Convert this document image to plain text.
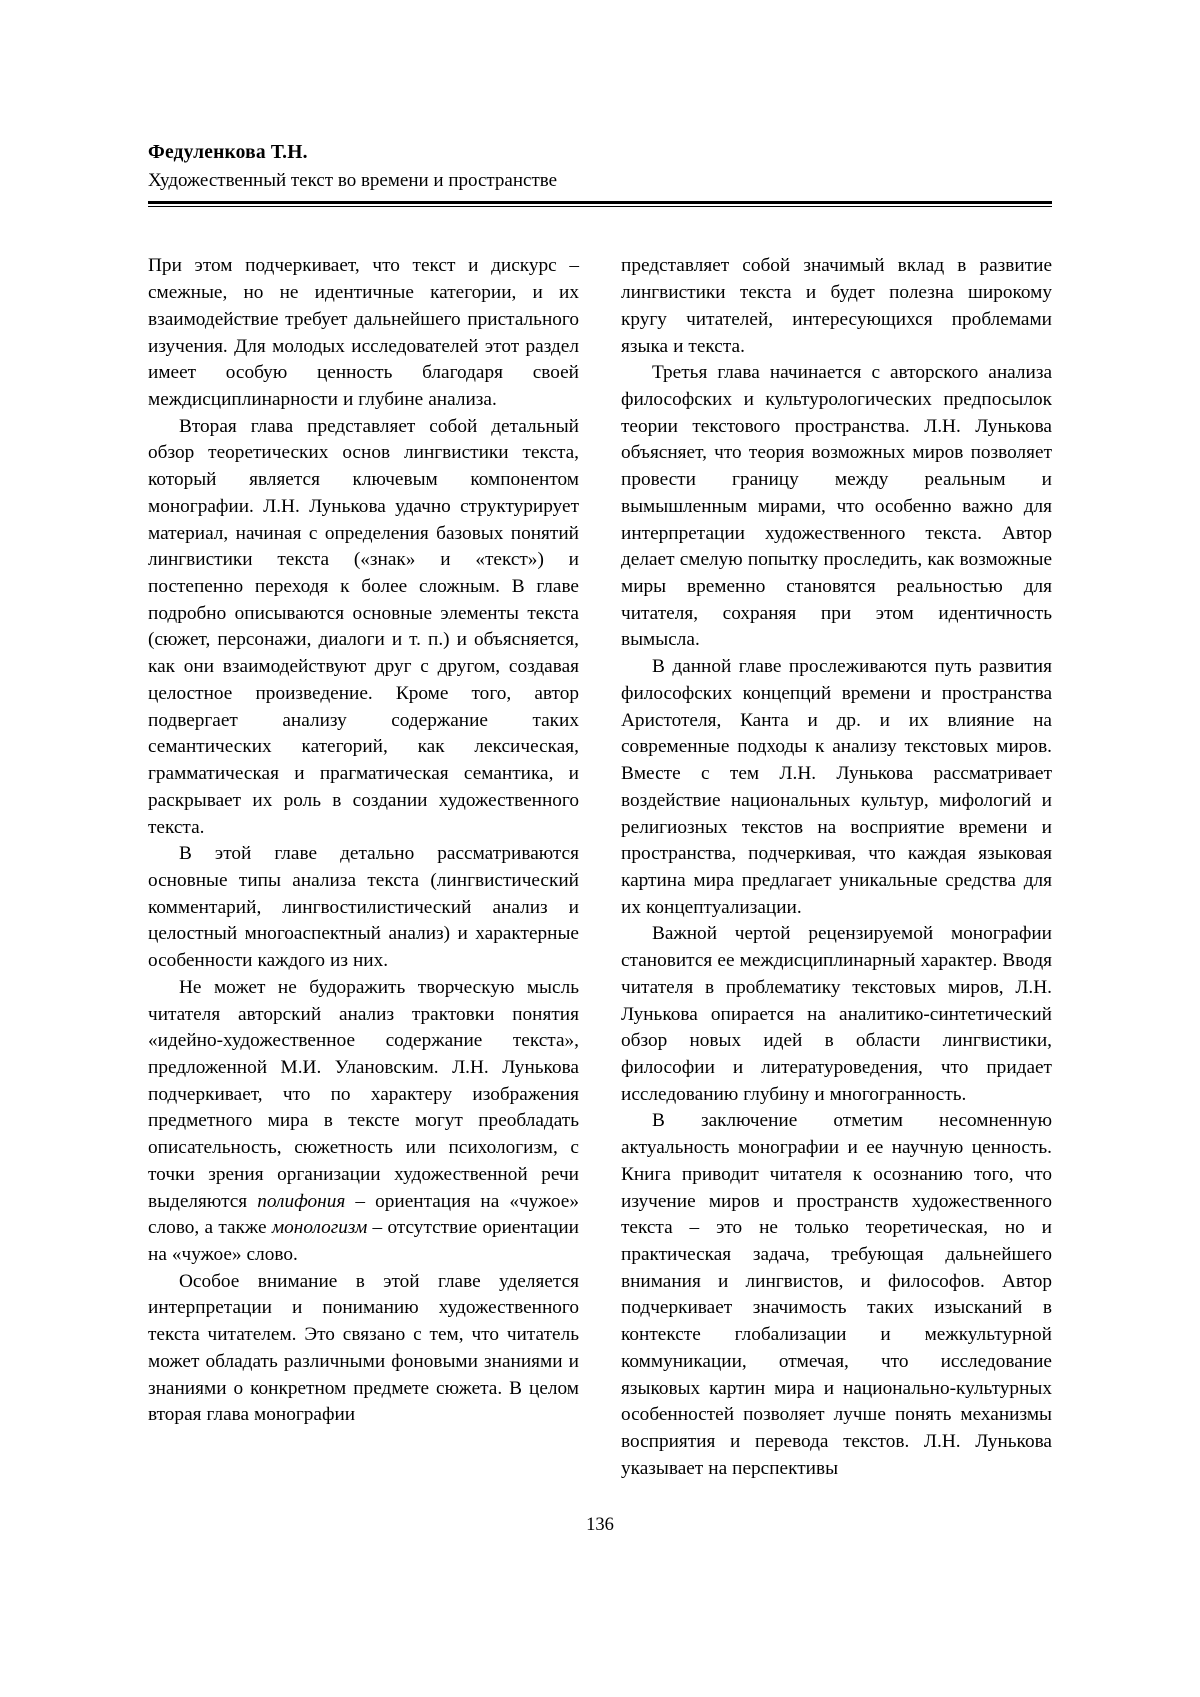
Федуленкова Т.Н.
Художественный текст во времени и пространстве

При этом подчеркивает, что текст и дискурс – смежные, но не идентичные категории, и их взаимодействие требует дальнейшего пристального изучения. Для молодых исследователей этот раздел имеет особую ценность благодаря своей междисциплинарности и глубине анализа.

Вторая глава представляет собой детальный обзор теоретических основ лингвистики текста, который является ключевым компонентом монографии. Л.Н. Лунькова удачно структурирует материал, начиная с определения базовых понятий лингвистики текста («знак» и «текст») и постепенно переходя к более сложным. В главе подробно описываются основные элементы текста (сюжет, персонажи, диалоги и т. п.) и объясняется, как они взаимодействуют друг с другом, создавая целостное произведение. Кроме того, автор подвергает анализу содержание таких семантических категорий, как лексическая, грамматическая и прагматическая семантика, и раскрывает их роль в создании художественного текста.

В этой главе детально рассматриваются основные типы анализа текста (лингвистический комментарий, лингвостилистический анализ и целостный многоаспектный анализ) и характерные особенности каждого из них.

Не может не будоражить творческую мысль читателя авторский анализ трактовки понятия «идейно-художественное содержание текста», предложенной М.И. Улановским. Л.Н. Лунькова подчеркивает, что по характеру изображения предметного мира в тексте могут преобладать описательность, сюжетность или психологизм, с точки зрения организации художественной речи выделяются полифония – ориентация на «чужое» слово, а также монологизм – отсутствие ориентации на «чужое» слово.

Особое внимание в этой главе уделяется интерпретации и пониманию художественного текста читателем. Это связано с тем, что читатель может обладать различными фоновыми знаниями и знаниями о конкретном предмете сюжета. В целом вторая глава монографии

представляет собой значимый вклад в развитие лингвистики текста и будет полезна широкому кругу читателей, интересующихся проблемами языка и текста.

Третья глава начинается с авторского анализа философских и культурологических предпосылок теории текстового пространства. Л.Н. Лунькова объясняет, что теория возможных миров позволяет провести границу между реальным и вымышленным мирами, что особенно важно для интерпретации художественного текста. Автор делает смелую попытку проследить, как возможные миры временно становятся реальностью для читателя, сохраняя при этом идентичность вымысла.

В данной главе прослеживаются путь развития философских концепций времени и пространства Аристотеля, Канта и др. и их влияние на современные подходы к анализу текстовых миров. Вместе с тем Л.Н. Лунькова рассматривает воздействие национальных культур, мифологий и религиозных текстов на восприятие времени и пространства, подчеркивая, что каждая языковая картина мира предлагает уникальные средства для их концептуализации.

Важной чертой рецензируемой монографии становится ее междисциплинарный характер. Вводя читателя в проблематику текстовых миров, Л.Н. Лунькова опирается на аналитико-синтетический обзор новых идей в области лингвистики, философии и литературоведения, что придает исследованию глубину и многогранность.

В заключение отметим несомненную актуальность монографии и ее научную ценность. Книга приводит читателя к осознанию того, что изучение миров и пространств художественного текста – это не только теоретическая, но и практическая задача, требующая дальнейшего внимания и лингвистов, и философов. Автор подчеркивает значимость таких изысканий в контексте глобализации и межкультурной коммуникации, отмечая, что исследование языковых картин мира и национально-культурных особенностей позволяет лучше понять механизмы восприятия и перевода текстов. Л.Н. Лунькова указывает на перспективы

136
